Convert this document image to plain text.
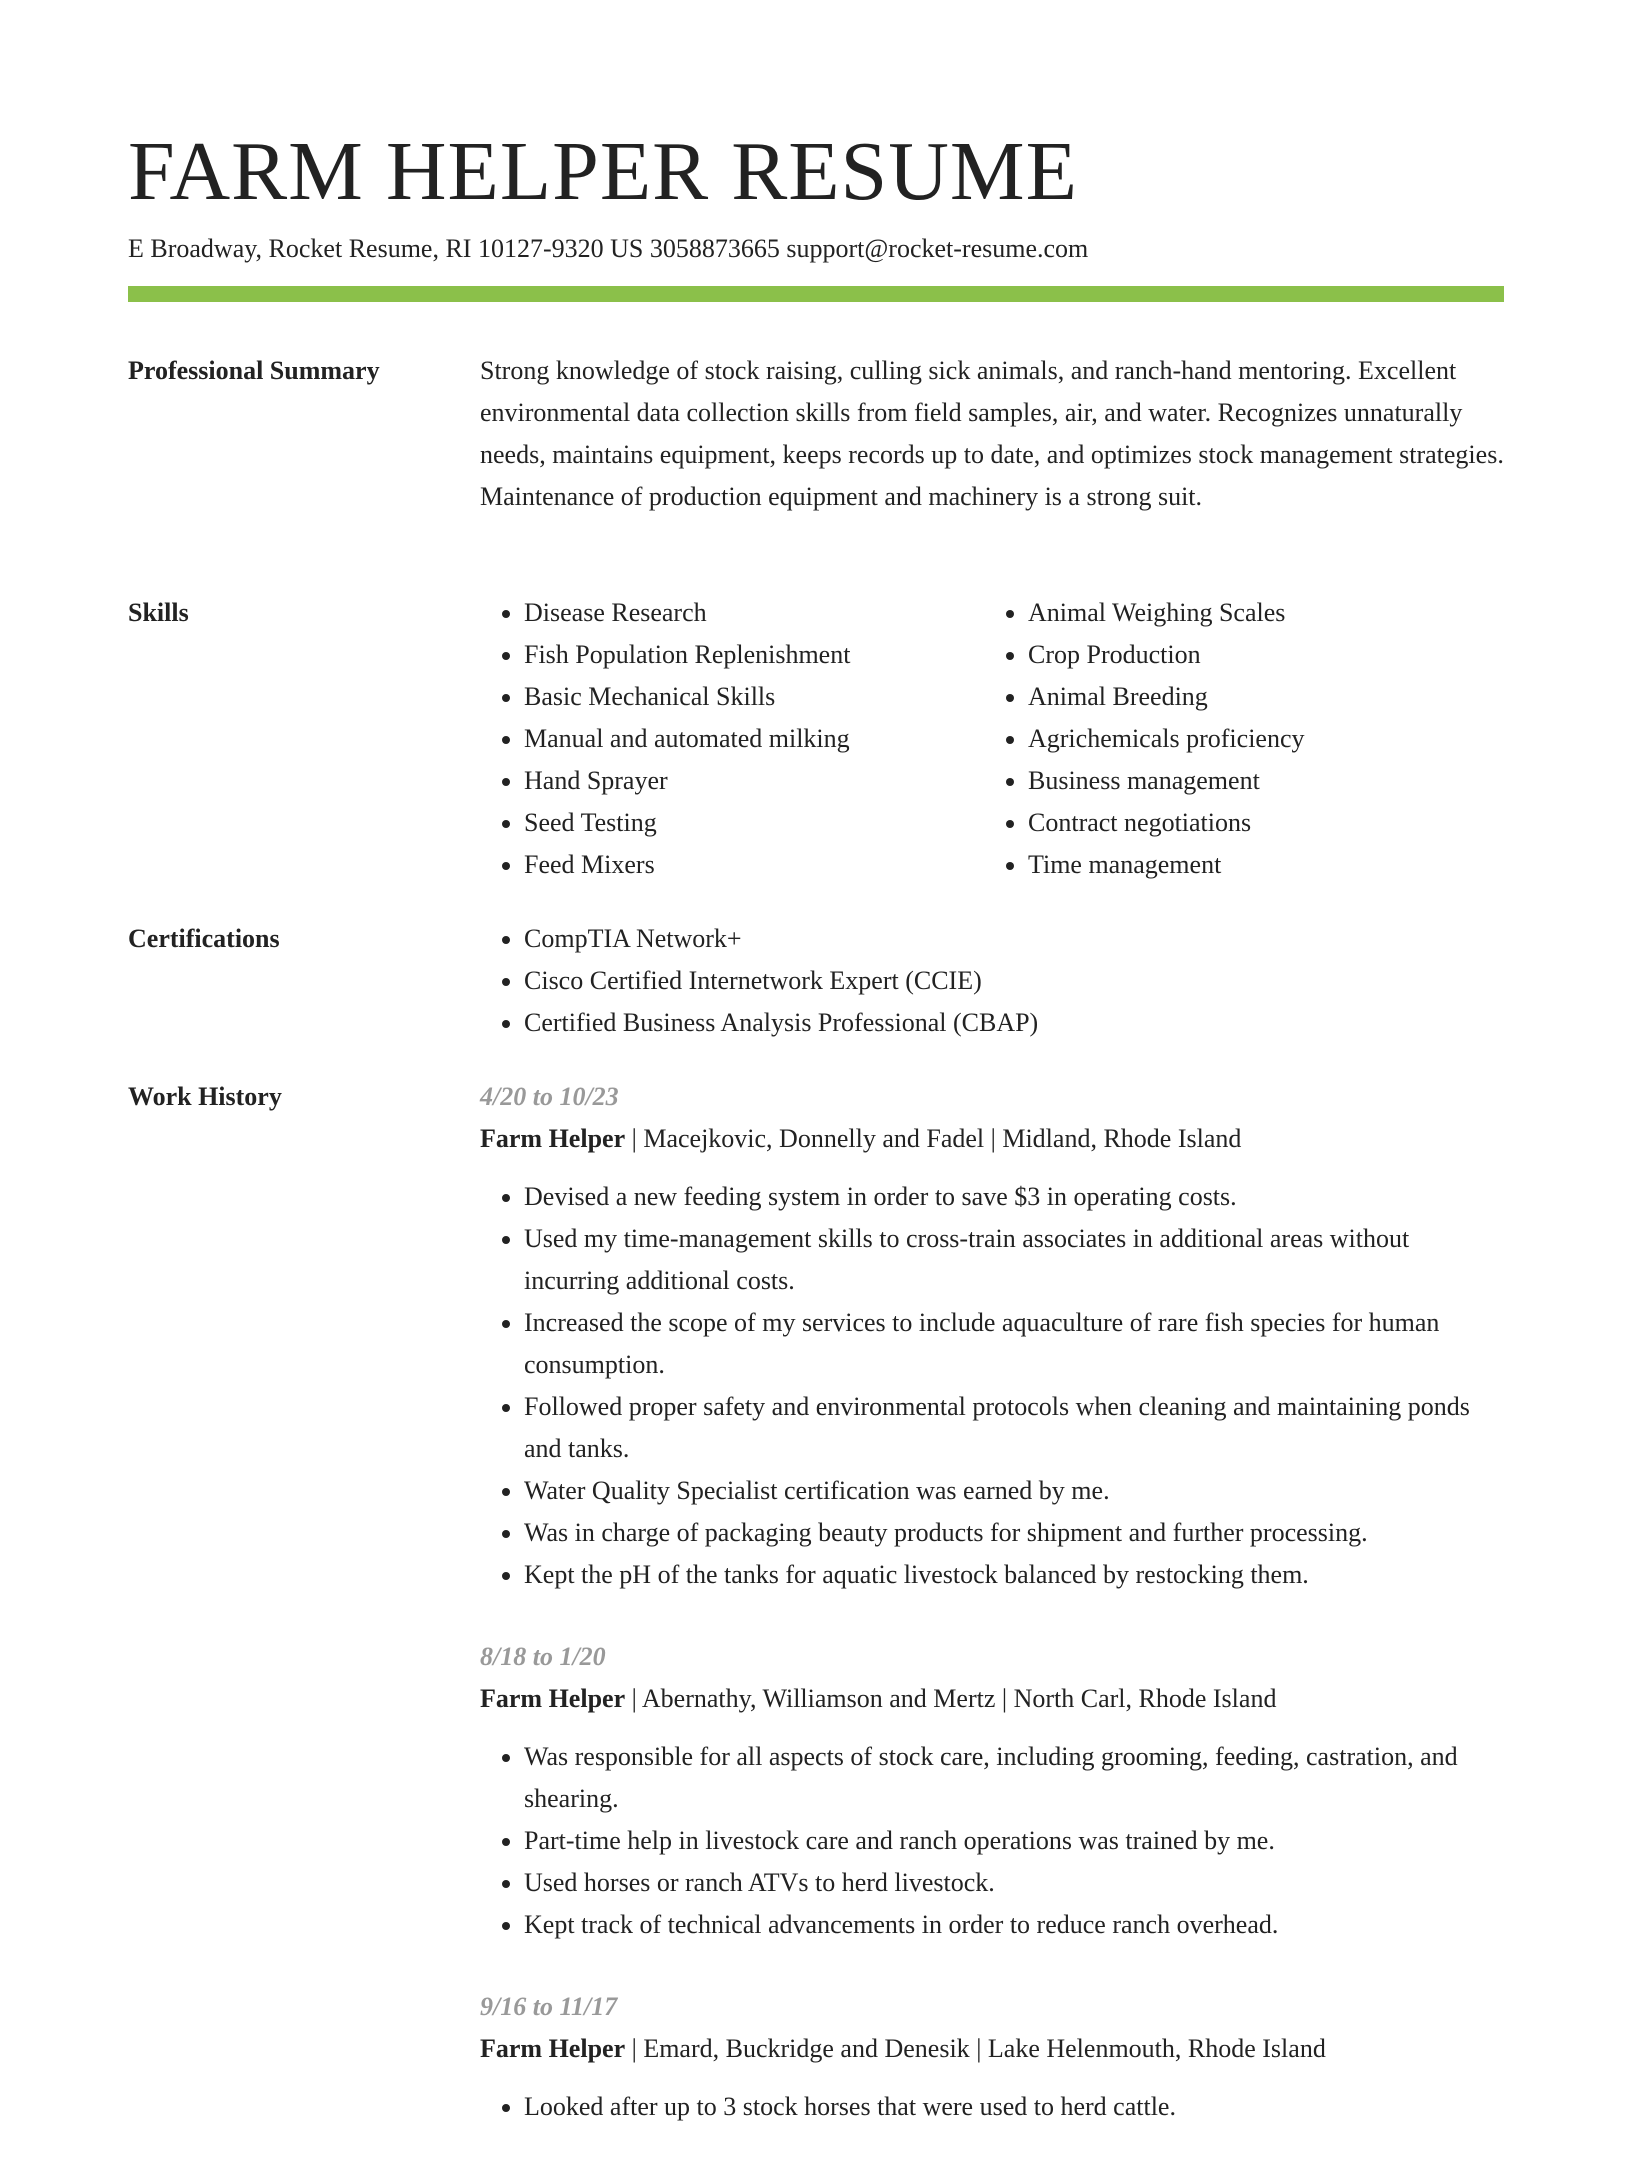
FARM HELPER RESUME
E Broadway, Rocket Resume, RI 10127-9320 US 3058873665 support@rocket-resume.com
Professional Summary	Strong knowledge of stock raising, culling sick animals, and ranch-hand mentoring. Excellent environmental data collection skills from field samples, air, and water. Recognizes unnaturally needs, maintains equipment, keeps records up to date, and optimizes stock management strategies. Maintenance of production equipment and machinery is a strong suit.

Skills	• Disease Research
• Fish Population Replenishment
• Basic Mechanical Skills
• Manual and automated milking
• Hand Sprayer
• Seed Testing
• Feed Mixers
• Animal Weighing Scales
• Crop Production
• Animal Breeding
• Agrichemicals proficiency
• Business management
• Contract negotiations
• Time management
Certifications	• CompTIA Network+
• Cisco Certified Internetwork Expert (CCIE)
• Certified Business Analysis Professional (CBAP)
Work History	4/20 to 10/23
Farm Helper | Macejkovic, Donnelly and Fadel | Midland, Rhode Island
• Devised a new feeding system in order to save $3 in operating costs.
• Used my time-management skills to cross-train associates in additional areas without incurring additional costs.
• Increased the scope of my services to include aquaculture of rare fish species for human consumption.
• Followed proper safety and environmental protocols when cleaning and maintaining ponds and tanks.
• Water Quality Specialist certification was earned by me.
• Was in charge of packaging beauty products for shipment and further processing.
• Kept the pH of the tanks for aquatic livestock balanced by restocking them.
8/18 to 1/20
Farm Helper | Abernathy, Williamson and Mertz | North Carl, Rhode Island
• Was responsible for all aspects of stock care, including grooming, feeding, castration, and shearing.
• Part-time help in livestock care and ranch operations was trained by me.
• Used horses or ranch ATVs to herd livestock.
• Kept track of technical advancements in order to reduce ranch overhead.
9/16 to 11/17
Farm Helper | Emard, Buckridge and Denesik | Lake Helenmouth, Rhode Island
• Looked after up to 3 stock horses that were used to herd cattle.
